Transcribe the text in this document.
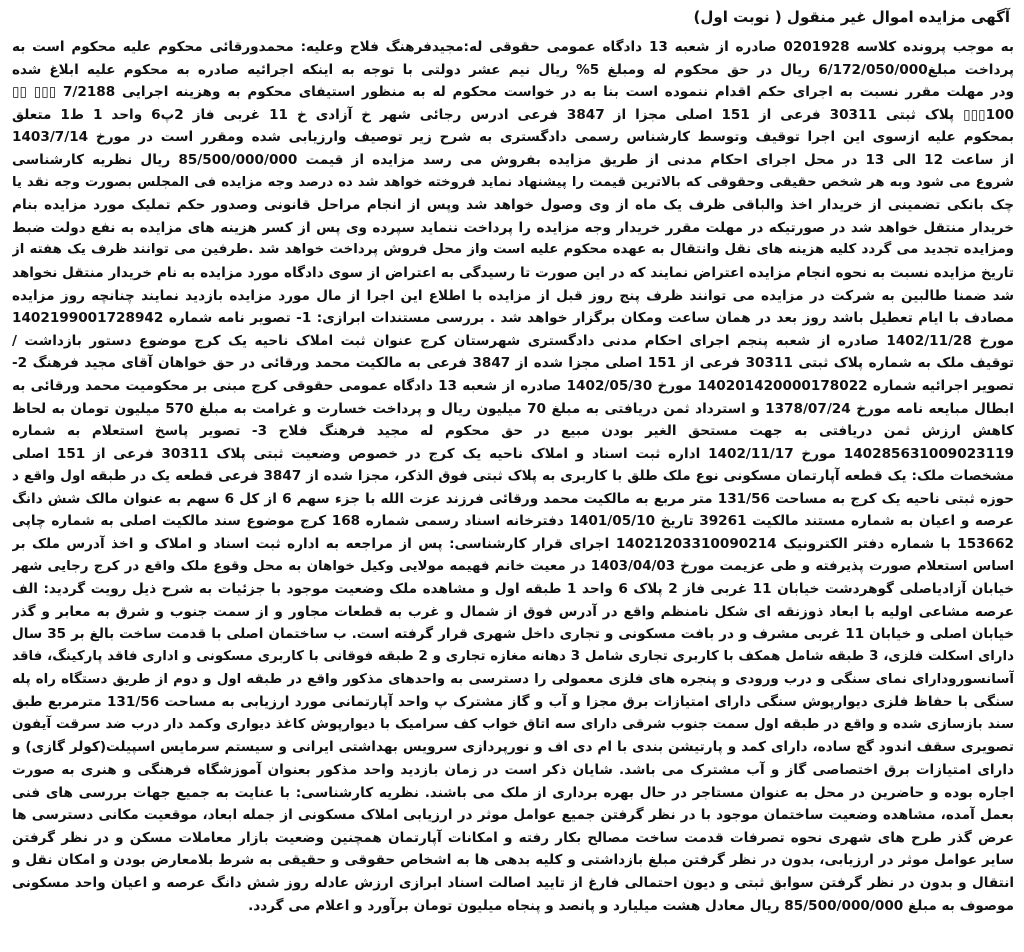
آگهی مزایده اموال غیر منقول ( نوبت اول)
به موجب پرونده کلاسه 0201928 صادره از شعبه 13 دادگاه عمومی حقوقی له:مجیدفرهنگ فلاح وعلیه: محمدورقائی محکوم علیه محکوم است به
پرداخت مبلغ6/172/050/000 ریال در حق محکوم له ومبلغ 5% ریال نیم عشر دولتی با توجه به اینکه اجرائیه صادره به محکوم علیه ابلاغ شده
ودر مهلت مقرر نسبت به اجرای حکم اقدام ننموده است بنا به در خواست محکوم له به منظور استیفای محکوم به وهزینه اجرایی 7/2188 ▯▯▯ ▯▯
100▯▯▯ پلاک ثبتی 30311 فرعی از 151 اصلی مجزا از 3847 فرعی ادرس رجائی شهر خ آزادی خ 11 غربی فاز 2پ6 واحد 1 ط1 متعلق
بمحکوم علیه ازسوی این اجرا توقیف وتوسط کارشناس رسمی دادگستری به شرح زیر توصیف وارزیابی شده ومقرر است در مورخ 1403/7/14
از ساعت 12 الی 13 در محل اجرای احکام مدنی از طریق مزایده بفروش می رسد مزایده از قیمت 85/500/000/000 ریال نظریه کارشناسی
شروع می شود وبه هر شخص حقیقی وحقوقی که بالاترین قیمت را پیشنهاد نماید فروخته خواهد شد ده درصد وجه مزایده فی المجلس بصورت وجه نقد یا
چک بانکی تضمینی از خریدار اخذ والباقی ظرف یک ماه از وی وصول خواهد شد وپس از انجام مراحل قانونی وصدور حکم تملیک مورد مزایده بنام
خریدار منتقل خواهد شد در صورتیکه در مهلت مقرر خریدار وجه مزایده را پرداخت ننماید سپرده وی پس از کسر هزینه های مزایده به نفع دولت ضبط
ومزایده تجدید می گردد کلیه هزینه های نقل وانتقال به عهده محکوم علیه است واز محل فروش پرداخت خواهد شد .طرفین می توانند ظرف یک هفته از
تاریخ مزایده نسبت به نحوه انجام مزایده اعتراض نمایند که در این صورت تا رسیدگی به اعتراض از سوی دادگاه مورد مزایده به نام خریدار منتقل نخواهد
شد ضمنا طالبین به شرکت در مزایده می توانند ظرف پنج روز قبل از مزایده با اطلاع این اجرا از مال مورد مزایده بازدید نمایند چنانچه روز مزایده
مصادف با ایام تعطیل باشد روز بعد در همان ساعت ومکان برگزار خواهد شد . بررسی مستندات ابرازی: 1- تصویر نامه شماره 1402199001728942
مورخ 1402/11/28 صادره از شعبه پنجم اجرای احکام مدنی دادگستری شهرستان کرج عنوان ثبت املاک ناحیه یک کرج موضوع دستور بازداشت /
توقیف ملک به شماره پلاک ثبتی 30311 فرعی از 151 اصلی مجزا شده از 3847 فرعی به مالکیت محمد ورقائی در حق خواهان آقای مجید فرهنگ 2-
تصویر اجرائیه شماره 140201420000178022 مورخ 1402/05/30 صادره از شعبه 13 دادگاه عمومی حقوقی کرج مبنی بر محکومیت محمد ورقائی به
ابطال مبایعه نامه مورخ 1378/07/24 و استرداد ثمن دریافتی به مبلغ 70 میلیون ریال و پرداخت خسارت و غرامت به مبلغ 570 میلیون تومان به لحاظ
کاهش ارزش ثمن دریافتی به جهت مستحق الغیر بودن مبیع در حق محکوم له مجید فرهنگ فلاح 3- تصویر پاسخ استعلام به شماره
140285631009023119 مورخ 1402/11/17 اداره ثبت اسناد و املاک ناحیه یک کرج در خصوص وضعیت ثبتی پلاک 30311 فرعی از 151 اصلی
مشخصات ملک: یک قطعه آپارتمان مسکونی نوع ملک طلق با کاربری به پلاک ثبتی فوق الذکر، مجزا شده از 3847 فرعی قطعه یک در طبقه اول واقع د
حوزه ثبتی ناحیه یک کرج به مساحت 131/56 متر مربع به مالکیت محمد ورقائی فرزند عزت الله با جزء سهم 6 از کل 6 سهم به عنوان مالک شش دانگ
عرصه و اعیان به شماره مستند مالکیت 39261 تاریخ 1401/05/10 دفترخانه اسناد رسمی شماره 168 کرج موضوع سند مالکیت اصلی به شماره چاپی
153662 با شماره دفتر الکترونیک 14021203310090214 اجرای قرار کارشناسی: پس از مراجعه به اداره ثبت اسناد و املاک و اخذ آدرس ملک بر
اساس استعلام صورت پذیرفته و طی عزیمت مورخ 1403/04/03 در معیت خانم فهیمه مولایی وکیل خواهان به محل وقوع ملک واقع در کرج رجایی شهر
خیابان آزادیاصلی گوهردشت خیابان 11 غربی فاز 2 پلاک 6 واحد 1 طبقه اول و مشاهده ملک وضعیت موجود با جزئیات به شرح ذیل رویت گردید: الف
عرصه مشاعی اولیه با ابعاد ذوزنقه ای شکل نامنظم واقع در آدرس فوق از شمال و غرب به قطعات مجاور و از سمت جنوب و شرق به معابر و گذر
خیابان اصلی و خیابان 11 غربی مشرف و در بافت مسکونی و تجاری داخل شهری قرار گرفته است. ب ساختمان اصلی با قدمت ساخت بالغ بر 35 سال
دارای اسکلت فلزی، 3 طبقه شامل همکف با کاربری تجاری شامل 3 دهانه مغازه تجاری و 2 طبقه فوقانی با کاربری مسکونی و اداری فاقد پارکینگ، فاقد
آسانسورودارای نمای سنگی و درب ورودی و پنجره های فلزی معمولی را دسترسی به واحدهای مذکور واقع در طبقه اول و دوم از طریق دستگاه راه پله
سنگی با حفاظ فلزی دیوارپوش سنگی دارای امتیازات برق مجزا و آب و گاز مشترک پ واحد آپارتمانی مورد ارزیابی به مساحت 131/56 مترمربع طبق
سند بازسازی شده و واقع در طبقه اول سمت جنوب شرقی دارای سه اتاق خواب کف سرامیک با دیوارپوش کاغذ دیواری وکمد دار درب ضد سرقت آیفون
تصویری سقف اندود گچ ساده، دارای کمد و پارتیشن بندی با ام دی اف و نورپردازی سرویس بهداشتی ایرانی و سیستم سرمایس اسپیلت(کولر گازی) و
دارای امتیازات برق اختصاصی گاز و آب مشترک می باشد. شایان ذکر است در زمان بازدید واحد مذکور بعنوان آموزشگاه فرهنگی و هنری به صورت
اجاره بوده و حاضرین در محل به عنوان مستاجر در حال بهره برداری از ملک می باشند. نظریه کارشناسی: با عنایت به جمیع جهات بررسی های فنی
بعمل آمده، مشاهده وضعیت ساختمان موجود با در نظر گرفتن جمیع عوامل موثر در ارزیابی املاک مسکونی از جمله ابعاد، موقعیت مکانی دسترسی ها
عرض گذر طرح های شهری نحوه تصرفات قدمت ساخت مصالح بکار رفته و امکانات آپارتمان همچنین وضعیت بازار معاملات مسکن و در نظر گرفتن
سایر عوامل موثر در ارزیابی، بدون در نظر گرفتن مبلغ بازداشتی و کلیه بدهی ها به اشخاص حقوقی و حقیقی به شرط بلامعارض بودن و امکان نقل و
انتقال و بدون در نظر گرفتن سوابق ثبتی و دیون احتمالی فارغ از تایید اصالت اسناد ابرازی ارزش عادله روز شش دانگ عرصه و اعیان واحد مسکونی
موصوف به مبلغ 85/500/000/000 ریال معادل هشت میلیارد و پانصد و پنجاه میلیون تومان برآورد و اعلام می گردد.
